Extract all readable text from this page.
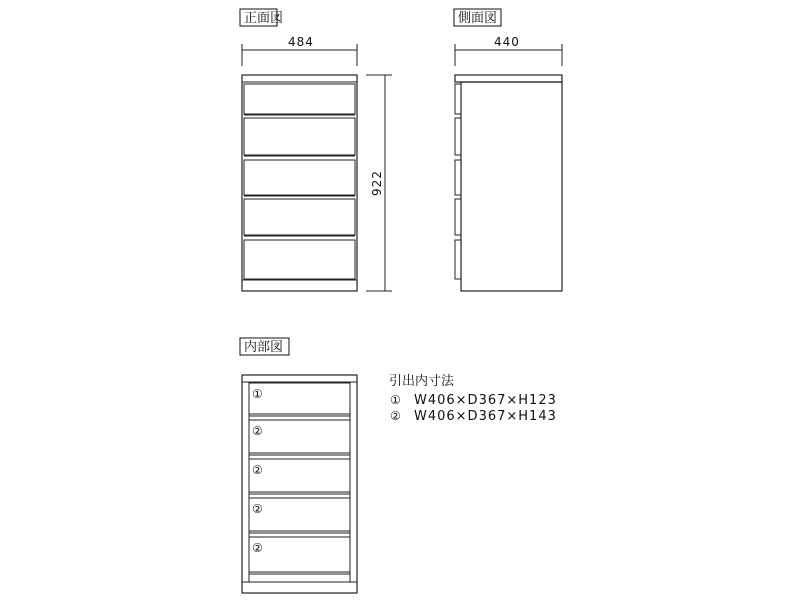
正面図
484
922
側面図
440
内部図
①
②
②
②
②
引出内寸法
① W406×D367×H123
② W406×D367×H143
